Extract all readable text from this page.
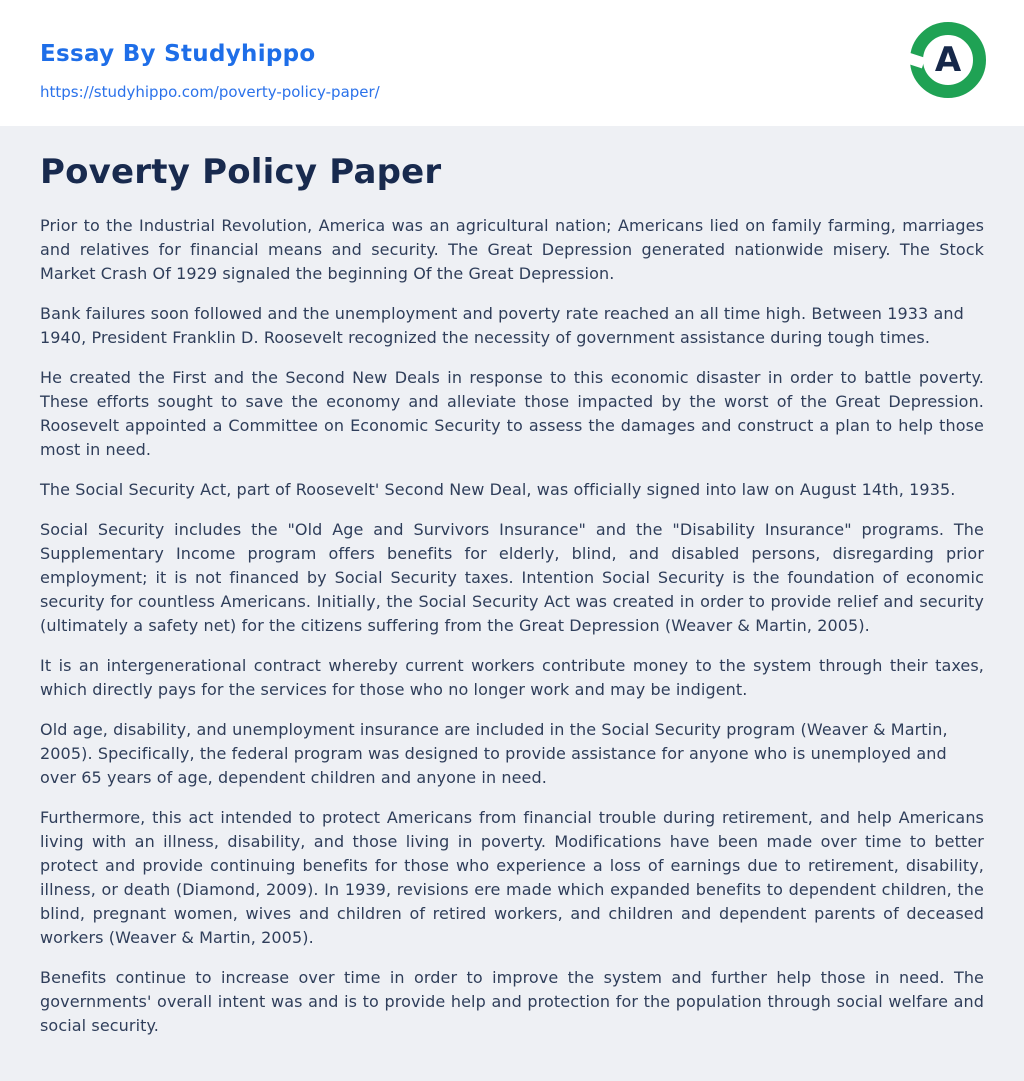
Essay By Studyhippo
https://studyhippo.com/poverty-policy-paper/
A
Poverty Policy Paper

Prior to the Industrial Revolution, America was an agricultural nation; Americans lied on family farming, marriages and relatives for financial means and security. The Great Depression generated nationwide misery. The Stock Market Crash Of 1929 signaled the beginning Of the Great Depression.

Bank failures soon followed and the unemployment and poverty rate reached an all time high. Between 1933 and 1940, President Franklin D. Roosevelt recognized the necessity of government assistance during tough times.

He created the First and the Second New Deals in response to this economic disaster in order to battle poverty. These efforts sought to save the economy and alleviate those impacted by the worst of the Great Depression. Roosevelt appointed a Committee on Economic Security to assess the damages and construct a plan to help those most in need.

The Social Security Act, part of Roosevelt' Second New Deal, was officially signed into law on August 14th, 1935.

Social Security includes the "Old Age and Survivors Insurance" and the "Disability Insurance" programs. The Supplementary Income program offers benefits for elderly, blind, and disabled persons, disregarding prior employment; it is not financed by Social Security taxes. Intention Social Security is the foundation of economic security for countless Americans. Initially, the Social Security Act was created in order to provide relief and security (ultimately a safety net) for the citizens suffering from the Great Depression (Weaver & Martin, 2005).

It is an intergenerational contract whereby current workers contribute money to the system through their taxes, which directly pays for the services for those who no longer work and may be indigent.

Old age, disability, and unemployment insurance are included in the Social Security program (Weaver & Martin, 2005). Specifically, the federal program was designed to provide assistance for anyone who is unemployed and over 65 years of age, dependent children and anyone in need.

Furthermore, this act intended to protect Americans from financial trouble during retirement, and help Americans living with an illness, disability, and those living in poverty. Modifications have been made over time to better protect and provide continuing benefits for those who experience a loss of earnings due to retirement, disability, illness, or death (Diamond, 2009). In 1939, revisions ere made which expanded benefits to dependent children, the blind, pregnant women, wives and children of retired workers, and children and dependent parents of deceased workers (Weaver & Martin, 2005).

Benefits continue to increase over time in order to improve the system and further help those in need. The governments' overall intent was and is to provide help and protection for the population through social welfare and social security.
